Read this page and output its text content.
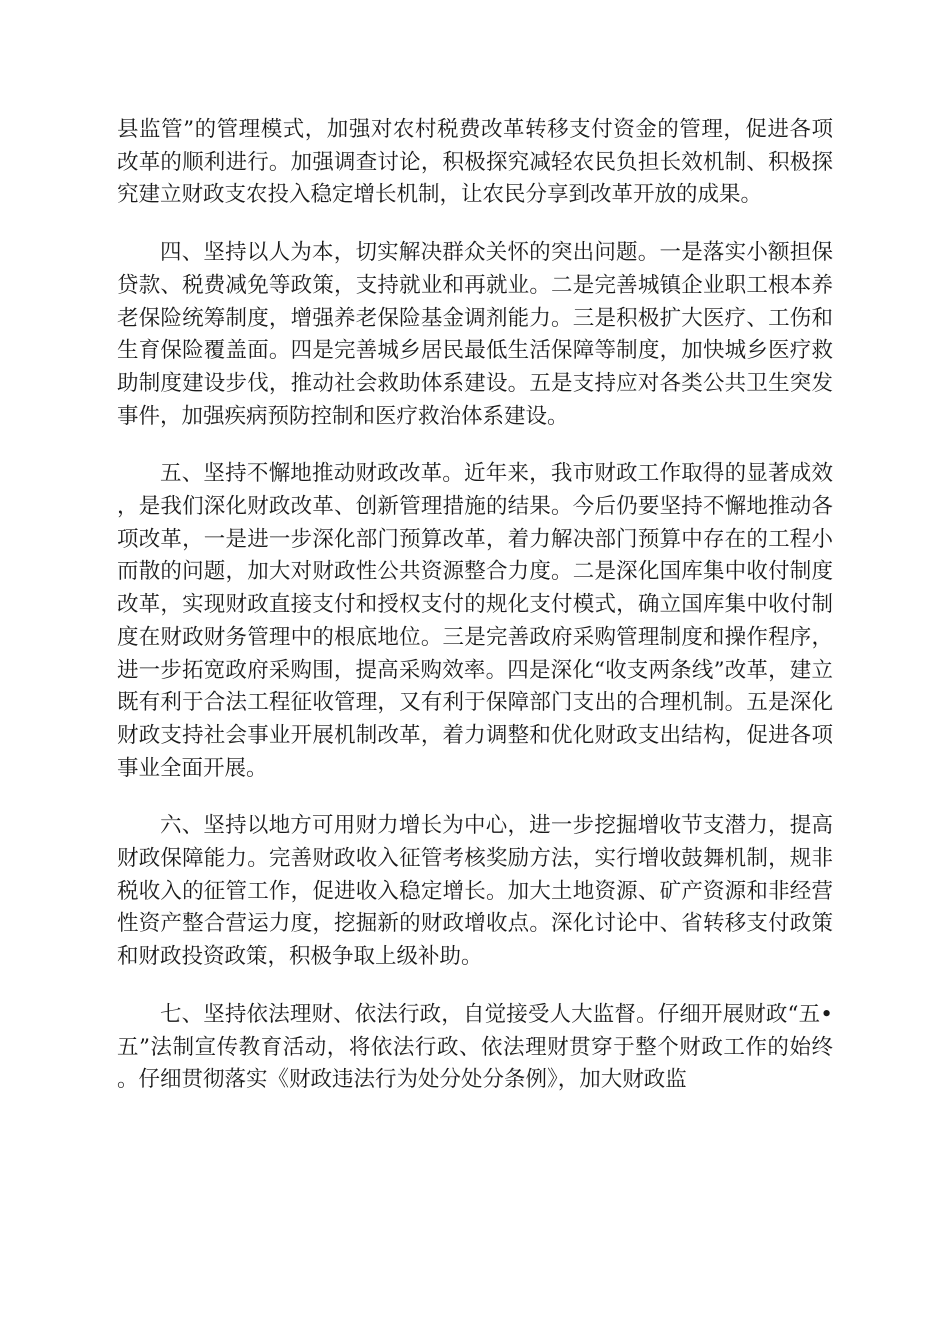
县监管”的管理模式，加强对农村税费改革转移支付资金的管理，促进各项改革的顺利进行。加强调查讨论，积极探究减轻农民负担长效机制、积极探究建立财政支农投入稳定增长机制，让农民分享到改革开放的成果。

四、坚持以人为本，切实解决群众关怀的突出问题。一是落实小额担保贷款、税费减免等政策，支持就业和再就业。二是完善城镇企业职工根本养老保险统筹制度，增强养老保险基金调剂能力。三是积极扩大医疗、工伤和生育保险覆盖面。四是完善城乡居民最低生活保障等制度，加快城乡医疗救助制度建设步伐，推动社会救助体系建设。五是支持应对各类公共卫生突发事件，加强疾病预防控制和医疗救治体系建设。

五、坚持不懈地推动财政改革。近年来，我市财政工作取得的显著成效，是我们深化财政改革、创新管理措施的结果。今后仍要坚持不懈地推动各项改革，一是进一步深化部门预算改革，着力解决部门预算中存在的工程小而散的问题，加大对财政性公共资源整合力度。二是深化国库集中收付制度改革，实现财政直接支付和授权支付的规化支付模式，确立国库集中收付制度在财政财务管理中的根底地位。三是完善政府采购管理制度和操作程序，进一步拓宽政府采购围，提高采购效率。四是深化“收支两条线”改革，建立既有利于合法工程征收管理，又有利于保障部门支出的合理机制。五是深化财政支持社会事业开展机制改革，着力调整和优化财政支出结构，促进各项事业全面开展。

六、坚持以地方可用财力增长为中心，进一步挖掘增收节支潜力，提高财政保障能力。完善财政收入征管考核奖励方法，实行增收鼓舞机制，规非税收入的征管工作，促进收入稳定增长。加大土地资源、矿产资源和非经营性资产整合营运力度，挖掘新的财政增收点。深化讨论中、省转移支付政策和财政投资政策，积极争取上级补助。

七、坚持依法理财、依法行政，自觉接受人大监督。仔细开展财政“五•五”法制宣传教育活动，将依法行政、依法理财贯穿于整个财政工作的始终。仔细贯彻落实《财政违法行为处分处分条例》，加大财政监
